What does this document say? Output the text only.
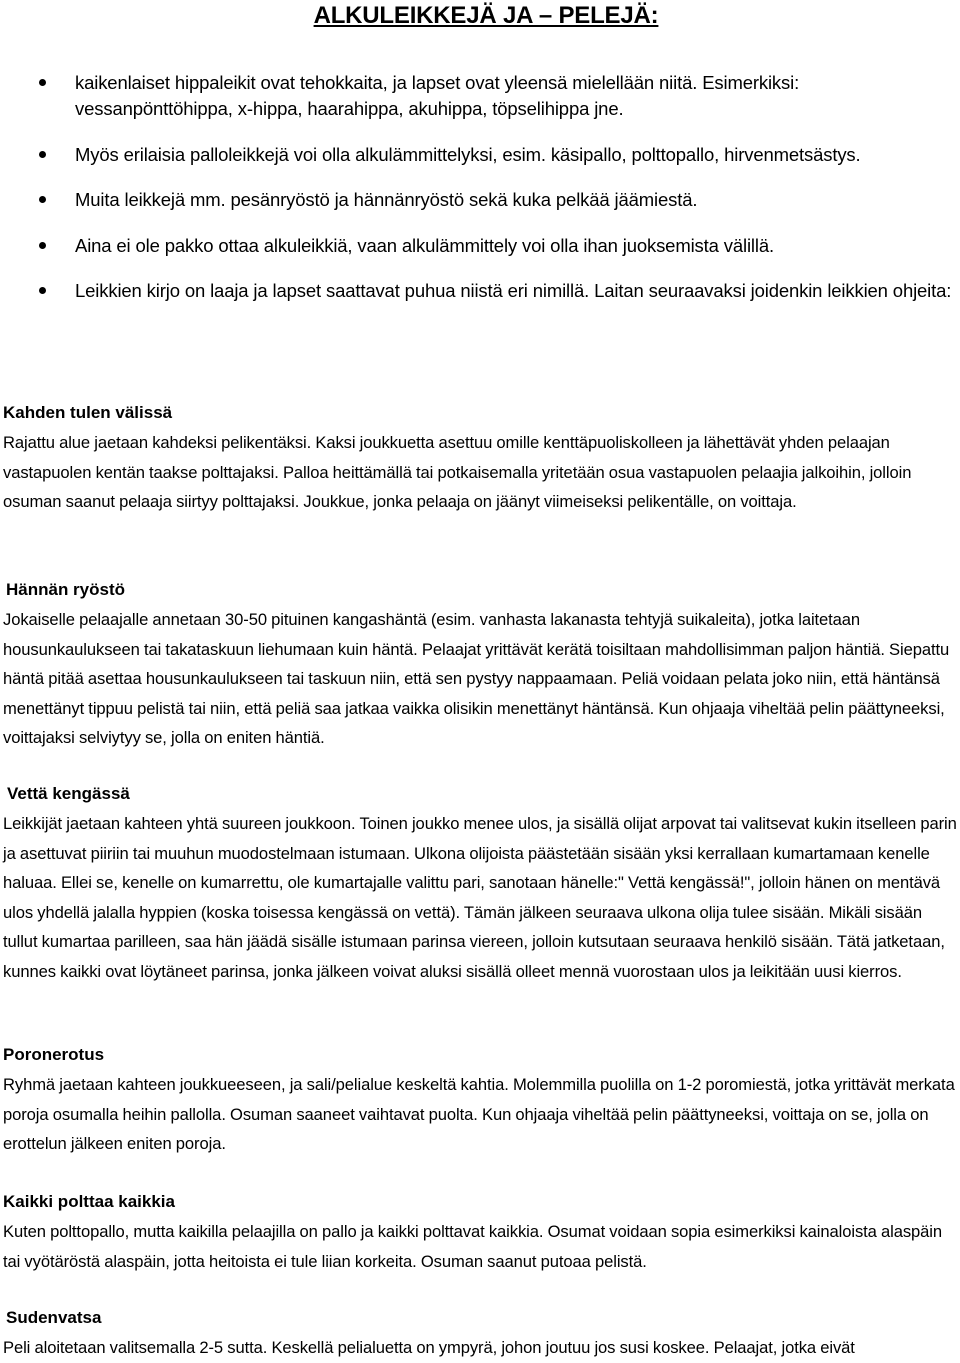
ALKULEIKKEJÄ JA – PELEJÄ:
kaikenlaiset hippaleikit ovat tehokkaita, ja lapset ovat yleensä mielellään niitä. Esimerkiksi: vessanpönttöhippa, x-hippa, haarahippa, akuhippa, töpselihippa jne.
Myös erilaisia palloleikkejä voi olla alkulämmittelyksi, esim. käsipallo, polttopallo, hirvenmetsästys.
Muita leikkejä mm. pesänryöstö ja hännänryöstö sekä kuka pelkää jäämiestä.
Aina ei ole pakko ottaa alkuleikkiä, vaan alkulämmittely voi olla ihan juoksemista välillä.
Leikkien kirjo on laaja ja lapset saattavat puhua niistä eri nimillä. Laitan seuraavaksi joidenkin leikkien ohjeita:
Kahden tulen välissä

Rajattu alue jaetaan kahdeksi pelikentäksi. Kaksi joukkuetta asettuu omille kenttäpuoliskolleen ja lähettävät yhden pelaajan vastapuolen kentän taakse polttajaksi. Palloa heittämällä tai potkaisemalla yritetään osua vastapuolen pelaajia jalkoihin, jolloin osuman saanut pelaaja siirtyy polttajaksi. Joukkue, jonka pelaaja on jäänyt viimeiseksi pelikentälle, on voittaja.

Hännän ryöstö

Jokaiselle pelaajalle annetaan 30-50 pituinen kangashäntä (esim. vanhasta lakanasta tehtyjä suikaleita), jotka laitetaan housunkaulukseen tai takataskuun liehumaan kuin häntä. Pelaajat yrittävät kerätä toisiltaan mahdollisimman paljon häntiä. Siepattu häntä pitää asettaa housunkaulukseen tai taskuun niin, että sen pystyy nappaamaan. Peliä voidaan pelata joko niin, että häntänsä menettänyt tippuu pelistä tai niin, että peliä saa jatkaa vaikka olisikin menettänyt häntänsä. Kun ohjaaja viheltää pelin päättyneeksi, voittajaksi selviytyy se, jolla on eniten häntiä.

Vettä kengässä

Leikkijät jaetaan kahteen yhtä suureen joukkoon. Toinen joukko menee ulos, ja sisällä olijat arpovat tai valitsevat kukin itselleen parin ja asettuvat piiriin tai muuhun muodostelmaan istumaan. Ulkona olijoista päästetään sisään yksi kerrallaan kumartamaan kenelle haluaa. Ellei se, kenelle on kumarrettu, ole kumartajalle valittu pari, sanotaan hänelle:" Vettä kengässä!", jolloin hänen on mentävä ulos yhdellä jalalla hyppien (koska toisessa kengässä on vettä). Tämän jälkeen seuraava ulkona olija tulee sisään. Mikäli sisään tullut kumartaa parilleen, saa hän jäädä sisälle istumaan parinsa viereen, jolloin kutsutaan seuraava henkilö sisään. Tätä jatketaan, kunnes kaikki ovat löytäneet parinsa, jonka jälkeen voivat aluksi sisällä olleet mennä vuorostaan ulos ja leikitään uusi kierros.

Poronerotus

Ryhmä jaetaan kahteen joukkueeseen, ja sali/pelialue keskeltä kahtia. Molemmilla puolilla on 1-2 poromiestä, jotka yrittävät merkata poroja osumalla heihin pallolla. Osuman saaneet vaihtavat puolta. Kun ohjaaja viheltää pelin päättyneeksi, voittaja on se, jolla on erottelun jälkeen eniten poroja.

Kaikki polttaa kaikkia

Kuten polttopallo, mutta kaikilla pelaajilla on pallo ja kaikki polttavat kaikkia. Osumat voidaan sopia esimerkiksi kainaloista alaspäin tai vyötäröstä alaspäin, jotta heitoista ei tule liian korkeita. Osuman saanut putoaa pelistä.

Sudenvatsa

Peli aloitetaan valitsemalla 2-5 sutta. Keskellä pelialuetta on ympyrä, johon joutuu jos susi koskee. Pelaajat, jotka eivät
